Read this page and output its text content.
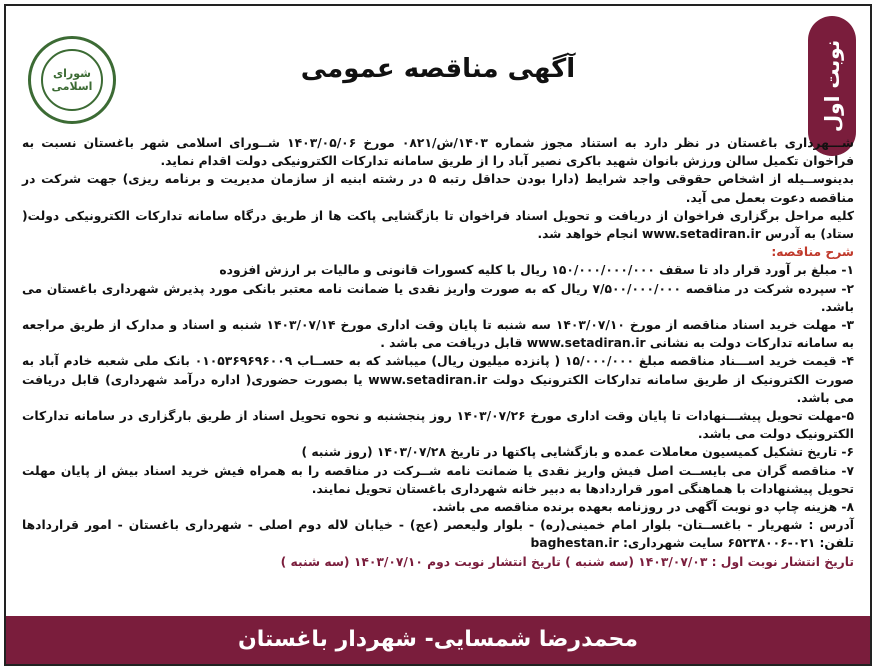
نوبت اول
شورای اسلامی
آگهی مناقصه عمومی

شـــهرداری باغستان در نظر دارد به استناد مجوز شماره ۱۴۰۳/ش/۰۸۲۱ مورخ ۱۴۰۳/۰۵/۰۶ شــورای اسلامی شهر باغستان نسبت به فراخوان تکمیل سالن ورزش بانوان شهید باکری نصیر آباد را از طریق سامانه تدارکات الکترونیکی دولت اقدام نماید.

بدینوســیله از اشخاص حقوقی واجد شرایط (دارا بودن حداقل رتبه ۵ در رشته ابنیه از سازمان مدیریت و برنامه ریزی) جهت شرکت در مناقصه دعوت بعمل می آید.

کلیه مراحل برگزاری فراخوان از دریافت و تحویل اسناد فراخوان تا بازگشایی پاکت ها از طریق درگاه سامانه تدارکات الکترونیکی دولت( ستاد) به آدرس www.setadiran.ir انجام خواهد شد.

شرح مناقصه:

۱- مبلغ بر آورد قرار داد تا سقف ۱۵۰/۰۰۰/۰۰۰/۰۰۰ ریال با کلیه کسورات قانونی و مالیات بر ارزش افزوده

۲- سپرده شرکت در مناقصه ۷/۵۰۰/۰۰۰/۰۰۰ ریال که به صورت واریز نقدی یا ضمانت نامه معتبر بانکی مورد پذیرش شهرداری باغستان می باشد.

۳- مهلت خرید اسناد مناقصه از مورخ ۱۴۰۳/۰۷/۱۰ سه شنبه تا پایان وقت اداری مورخ ۱۴۰۳/۰۷/۱۴ شنبه و اسناد و مدارک از طریق مراجعه به سامانه تدارکات دولت به نشانی www.setadiran.ir قابل دریافت می باشد .

۴- قیمت خرید اســـناد مناقصه مبلغ ۱۵/۰۰۰/۰۰۰ ( پانزده میلیون ریال) میباشد که به حســاب ۰۱۰۵۳۶۹۶۹۶۰۰۹ بانک ملی شعبه خادم آباد به صورت الکترونیک از طریق سامانه تدارکات الکترونیک دولت www.setadiran.ir یا بصورت حضوری( اداره درآمد شهرداری) قابل دریافت می باشد.

۵-مهلت تحویل پیشـــنهادات تا پایان وقت اداری مورخ ۱۴۰۳/۰۷/۲۶ روز پنجشنبه و نحوه تحویل اسناد از طریق بارگزاری در سامانه تدارکات الکترونیک دولت می باشد.

۶- تاریخ تشکیل کمیسیون معاملات عمده و بازگشایی پاکتها در تاریخ ۱۴۰۳/۰۷/۲۸ (روز شنبه )

۷- مناقصه گران می بایســت اصل فیش واریز نقدی یا ضمانت نامه شــرکت در مناقصه را به همراه فیش خرید اسناد بیش از پایان مهلت تحویل پیشنهادات با هماهنگی امور قراردادها به دبیر خانه شهرداری باغستان تحویل نمایند.

۸- هزینه چاپ دو نوبت آگهی در روزنامه بعهده برنده مناقصه می باشد.

آدرس : شهریار - باغســتان- بلوار امام خمینی(ره) - بلوار ولیعصر (عج) - خیابان لاله دوم اصلی - شهرداری باغستان - امور قراردادها تلفن: ۰۲۱-۶۵۲۳۸۰۰۶ سایت شهرداری: baghestan.ir

تاریخ انتشار نوبت اول : ۱۴۰۳/۰۷/۰۳ (سه شنبه ) تاریخ انتشار نوبت دوم ۱۴۰۳/۰۷/۱۰ (سه شنبه )

محمدرضا شمسایی- شهردار باغستان
